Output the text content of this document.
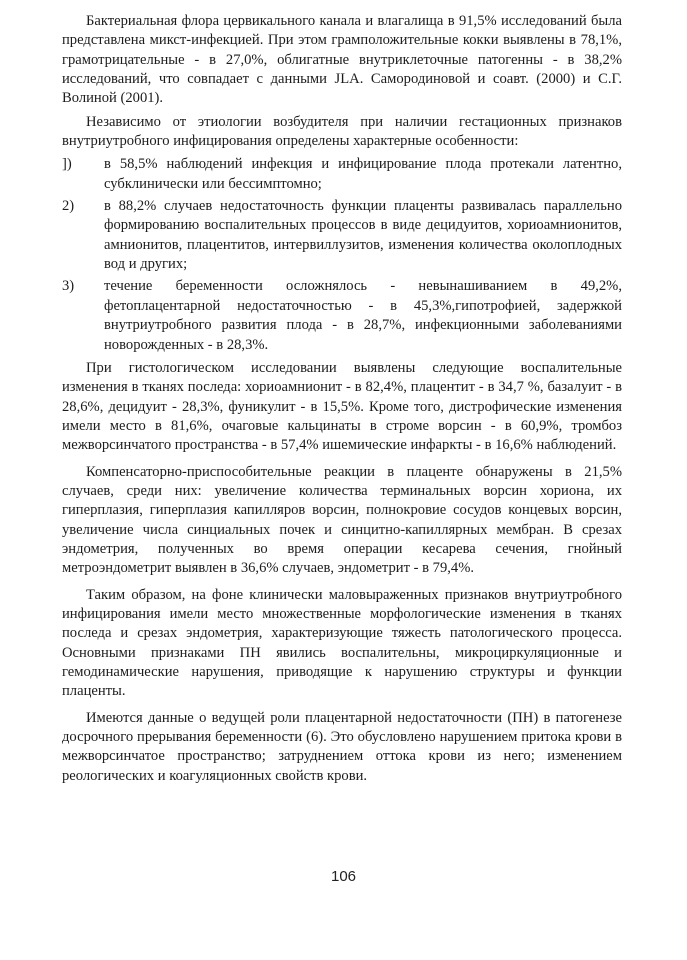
Бактериальная флора цервикального канала и влагалища в 91,5% исследований была представлена микст-инфекцией. При этом грамположительные кокки выявлены в 78,1%, грамотрицательные - в 27,0%, облигатные внутриклеточные патогенны - в 38,2% исследований, что совпадает с данными JLA. Самородиновой и соавт. (2000) и С.Г. Волиной (2001).

Независимо от этиологии возбудителя при наличии гестационных признаков внутриутробного инфицирования определены характерные особенности:

])	в 58,5% наблюдений инфекция и инфицирование плода протекали латентно, субклинически или бессимптомно;
2)	в 88,2% случаев недостаточность функции плаценты развивалась параллельно формированию воспалительных процессов в виде децидуитов, хориоамнионитов, амнионитов, плацентитов, интервиллузитов, изменения количества околоплодных вод и других;
3)	течение беременности осложнялось - невынашиванием в 49,2%, фетоплацентарной недостаточностью - в 45,3%,гипотрофией, задержкой внутриутробного развития плода - в 28,7%, инфекционными заболеваниями новорожденных - в 28,3%.

При гистологическом исследовании выявлены следующие воспалительные изменения в тканях последа: хориоамнионит - в 82,4%, плацентит - в 34,7 %, базалуит - в 28,6%, децидуит - 28,3%, фуникулит - в 15,5%. Кроме того, дистрофические изменения имели место в 81,6%, очаговые кальцинаты в строме ворсин - в 60,9%, тромбоз межворсинчатого пространства - в 57,4% ишемические инфаркты - в 16,6% наблюдений.

Компенсаторно-приспособительные реакции в плаценте обнаружены в 21,5% случаев, среди них: увеличение количества терминальных ворсин хориона, их гиперплазия, гиперплазия капилляров ворсин, полнокровие сосудов концевых ворсин, увеличение числа синциальных почек и синцитно-капиллярных мембран. В срезах эндометрия, полученных во время операции кесарева сечения, гнойный метроэндометрит выявлен в 36,6% случаев, эндометрит - в 79,4%.

Таким образом, на фоне клинически маловыраженных признаков внутриутробного инфицирования имели место множественные морфологические изменения в тканях последа и срезах эндометрия, характеризующие тяжесть патологического процесса. Основными признаками ПН явились воспалительны, микроциркуляционные и гемодинамические нарушения, приводящие к нарушению структуры и функции плаценты.

Имеются данные о ведущей роли плацентарной недостаточности (ПН) в патогенезе досрочного прерывания беременности (6). Это обусловлено нарушением притока крови в межворсинчатое пространство; затруднением оттока крови из него; изменением реологических и коагуляционных свойств крови.

106
